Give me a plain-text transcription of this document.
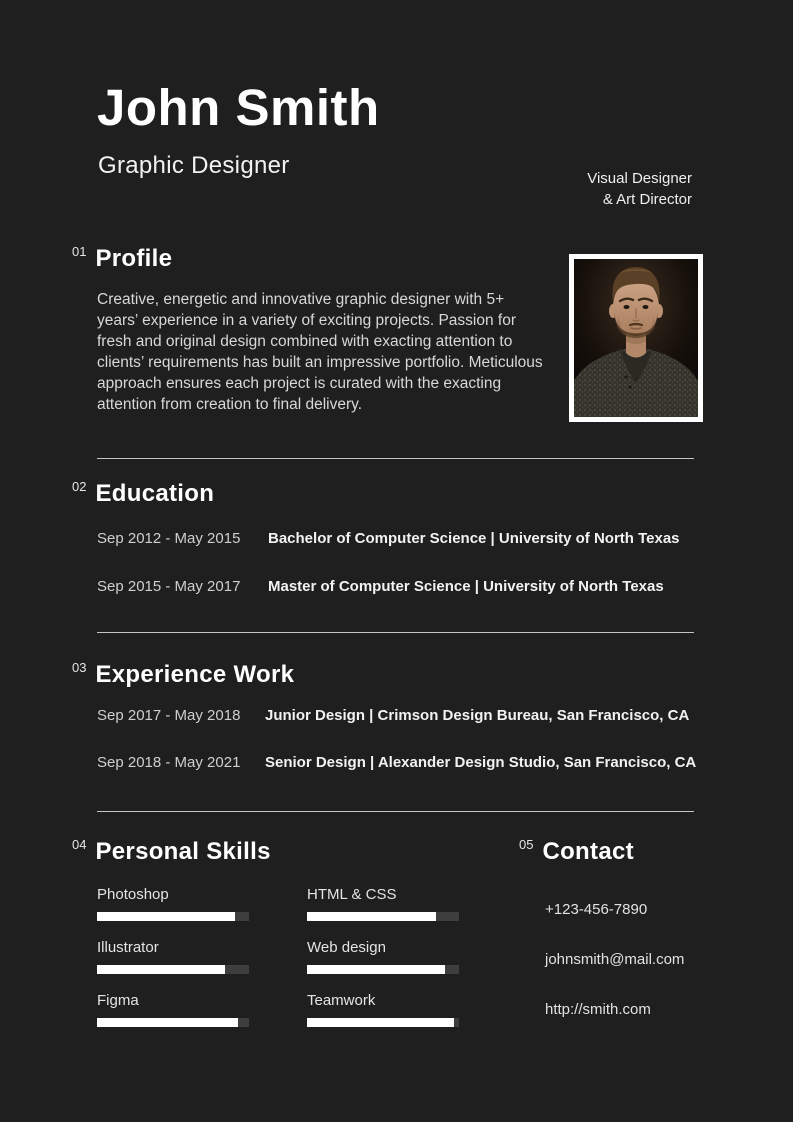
John Smith
Graphic Designer	Visual Designer
& Art Director
01 Profile

Creative, energetic and innovative graphic designer with 5+ years’ experience in a variety of exciting projects. Passion for fresh and original design combined with exacting attention to clients’ requirements has built an impressive portfolio. Meticulous approach ensures each project is curated with the exacting attention from creation to final delivery.

02 Education
Sep 2012 - May 2015	Bachelor of Computer Science | University of North Texas
Sep 2015 - May 2017	Master of Computer Science | University of North Texas
03 Experience Work
Sep 2017 - May 2018	Junior Design | Crimson Design Bureau, San Francisco, CA
Sep 2018 - May 2021	Senior Design | Alexander Design Studio, San Francisco, CA
04 Personal Skills
Photoshop	HTML & CSS
Illustrator	Web design
Figma	Teamwork
05 Contact
+123-456-7890
johnsmith@mail.com
http://smith.com
